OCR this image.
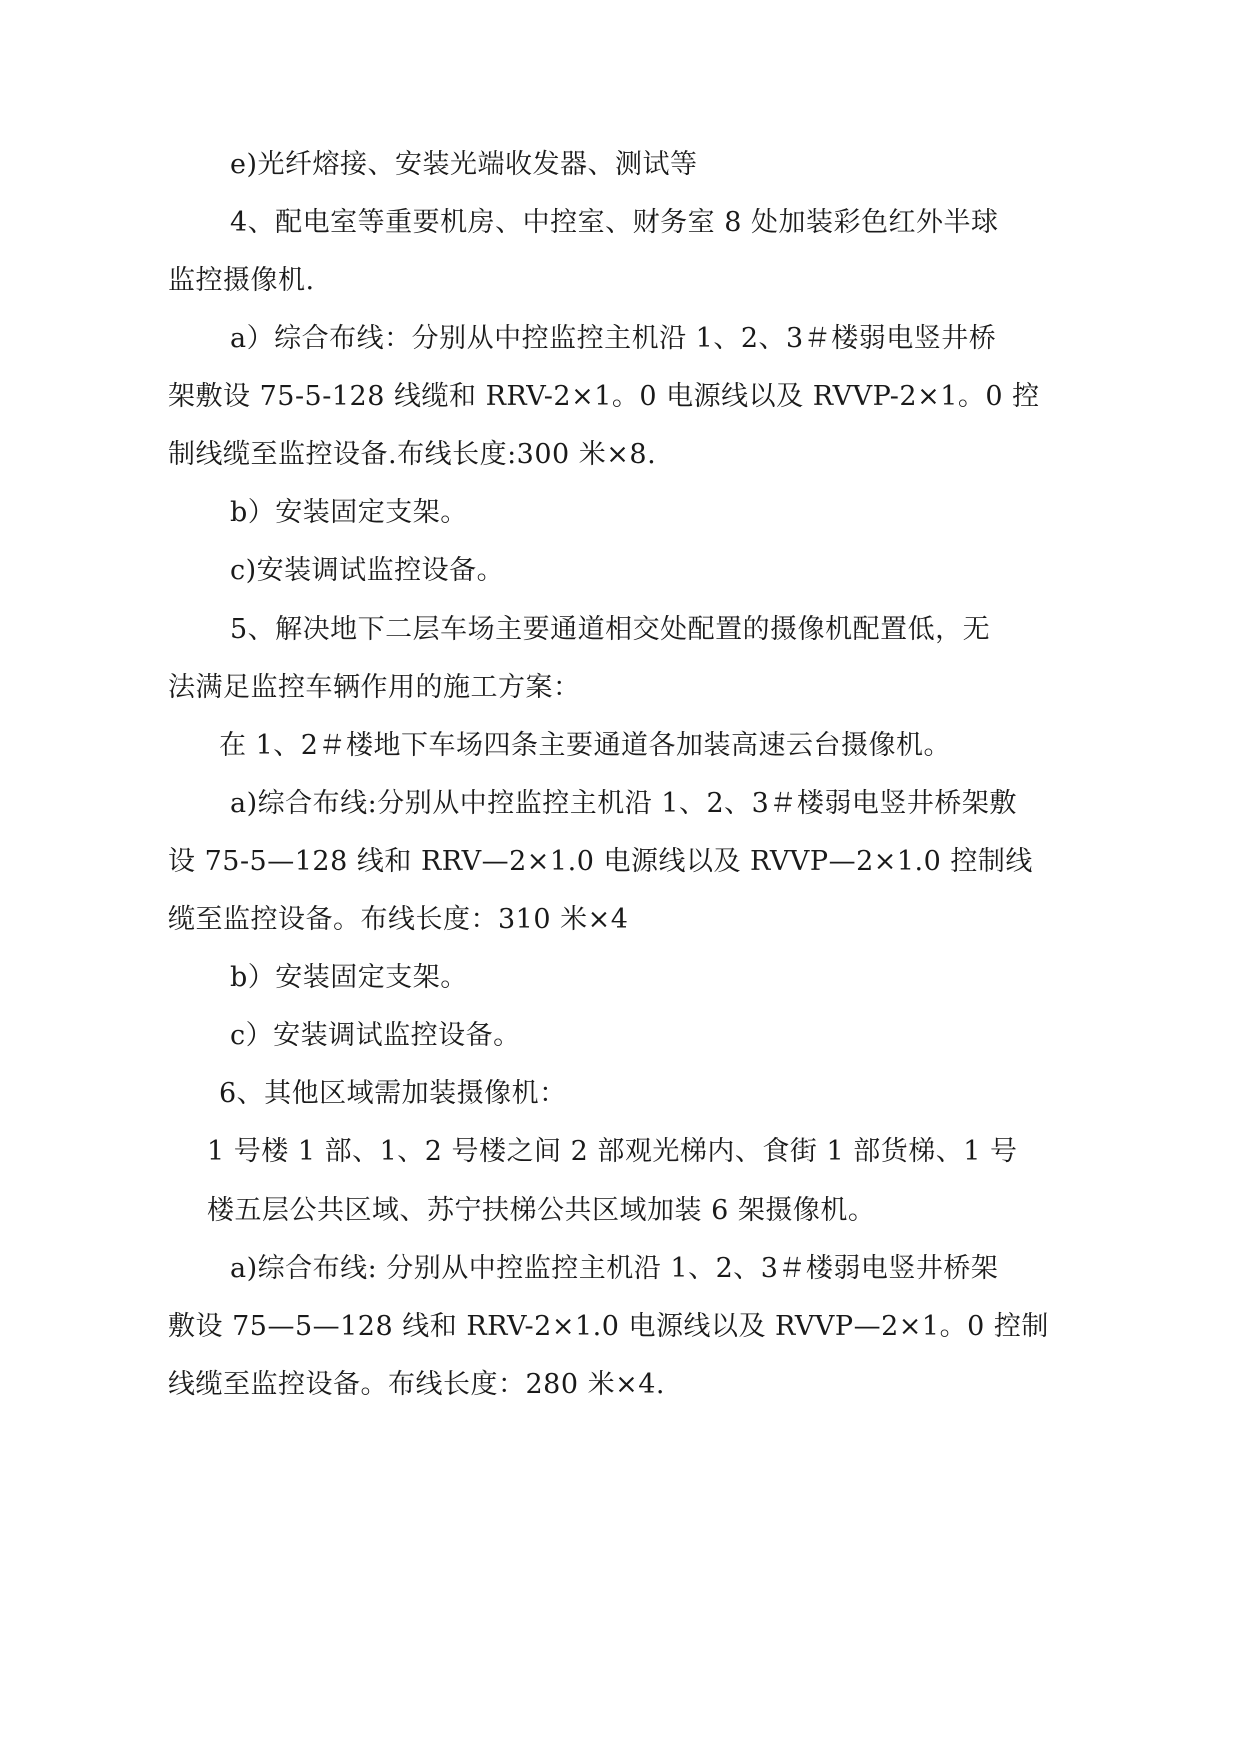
e)光纤熔接、安装光端收发器、测试等
4、配电室等重要机房、中控室、财务室 8 处加装彩色红外半球
监控摄像机.
a）综合布线：分别从中控监控主机沿 1、2、3＃楼弱电竖井桥
架敷设 75-5-128 线缆和 RRV-2×1。0 电源线以及 RVVP-2×1。0 控
制线缆至监控设备.布线长度:300 米×8.
b）安装固定支架。
c)安装调试监控设备。
5、解决地下二层车场主要通道相交处配置的摄像机配置低，无
法满足监控车辆作用的施工方案：
在 1、2＃楼地下车场四条主要通道各加装高速云台摄像机。
a)综合布线:分别从中控监控主机沿 1、2、3＃楼弱电竖井桥架敷
设 75-5—128 线和 RRV—2×1.0 电源线以及 RVVP—2×1.0 控制线
缆至监控设备。布线长度：310 米×4
b）安装固定支架。
c）安装调试监控设备。
6、其他区域需加装摄像机：
1 号楼 1 部、1、2 号楼之间 2 部观光梯内、食街 1 部货梯、1 号
楼五层公共区域、苏宁扶梯公共区域加装 6 架摄像机。
a)综合布线: 分别从中控监控主机沿 1、2、3＃楼弱电竖井桥架
敷设 75—5—128 线和 RRV-2×1.0 电源线以及 RVVP—2×1。0 控制
线缆至监控设备。布线长度：280 米×4.
